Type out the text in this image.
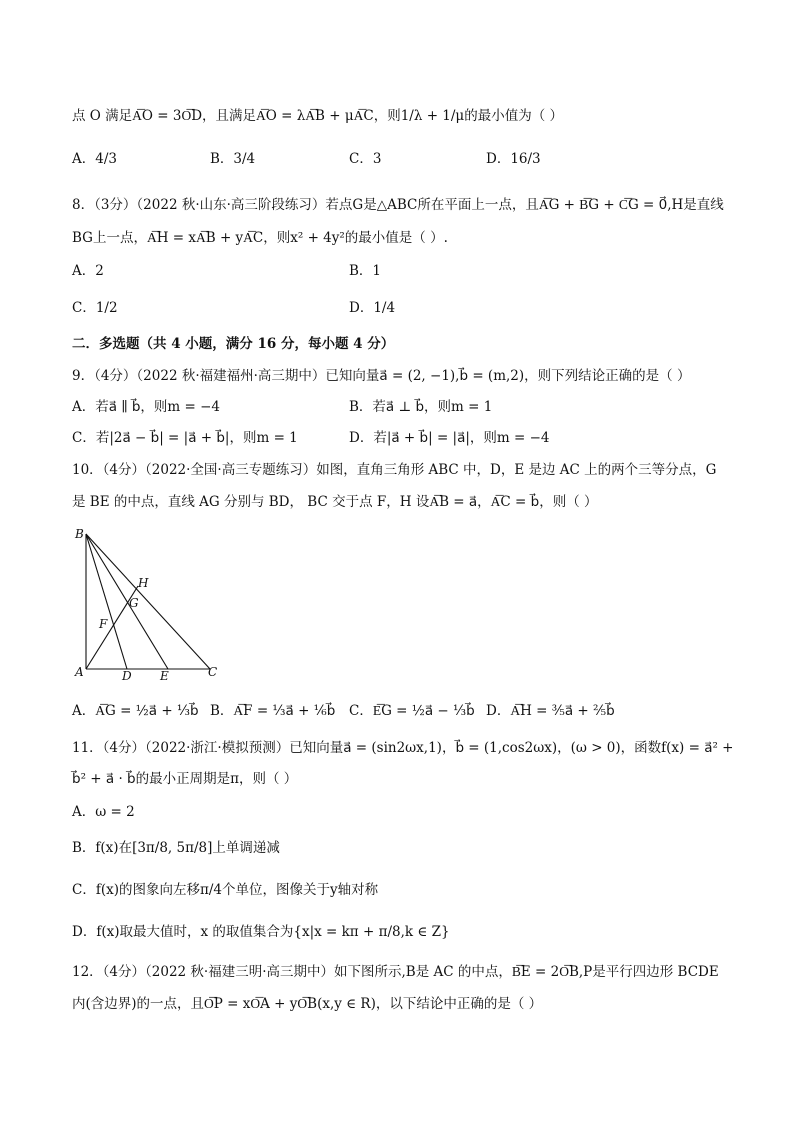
点 O 满足A͞O = 3O͞D，且满足A͞O = λA͞B + μA͞C，则1/λ + 1/μ的最小值为（ ）
A．4/3	B．3/4	C．3	D．16/3
8．（3分）（2022 秋·山东·高三阶段练习）若点G是△ABC所在平面上一点，且A͞G + B͞G + C͞G = 0⃗,H是直线
BG上一点，A͞H = xA͞B + yA͞C，则x² + 4y²的最小值是（ ）.
A．2	B．1
C．1/2	D．1/4
二．多选题（共 4 小题，满分 16 分，每小题 4 分）
9．（4分）（2022 秋·福建福州·高三期中）已知向量a⃗ = (2, −1),b⃗ = (m,2)，则下列结论正确的是（ ）
A．若a⃗ ∥ b⃗，则m = −4	B．若a⃗ ⊥ b⃗，则m = 1
C．若|2a⃗ − b⃗| = |a⃗ + b⃗|，则m = 1	D．若|a⃗ + b⃗| = |a⃗|，则m = −4
10．（4分）（2022·全国·高三专题练习）如图，直角三角形 ABC 中，D，E 是边 AC 上的两个三等分点，G
是 BE 的中点，直线 AG 分别与 BD， BC 交于点 F，H 设A͞B = a⃗，A͞C = b⃗，则（ ）
B
H
G
F
A	D E	C
A．A͞G = ½a⃗ + ⅓b⃗ B．A͞F = ⅓a⃗ + ⅙b⃗ C．E͞G = ½a⃗ − ⅓b⃗ D．A͞H = ⅗a⃗ + ⅖b⃗
11．（4分）（2022·浙江·模拟预测）已知向量a⃗ = (sin2ωx,1)，b⃗ = (1,cos2ωx)，(ω > 0)，函数f(x) = a⃗² +
b⃗² + a⃗ · b⃗的最小正周期是π，则（ ）
A．ω = 2
B．f(x)在[3π/8, 5π/8]上单调递减
C．f(x)的图象向左移π/4个单位，图像关于y轴对称
D．f(x)取最大值时，x 的取值集合为{x|x = kπ + π/8,k ∈ Z}
12．（4分）（2022 秋·福建三明·高三期中）如下图所示,B是 AC 的中点，B͞E = 2O͞B,P是平行四边形 BCDE
内(含边界)的一点，且O͞P = xO͞A + yO͞B(x,y ∈ R)，以下结论中正确的是（ ）
